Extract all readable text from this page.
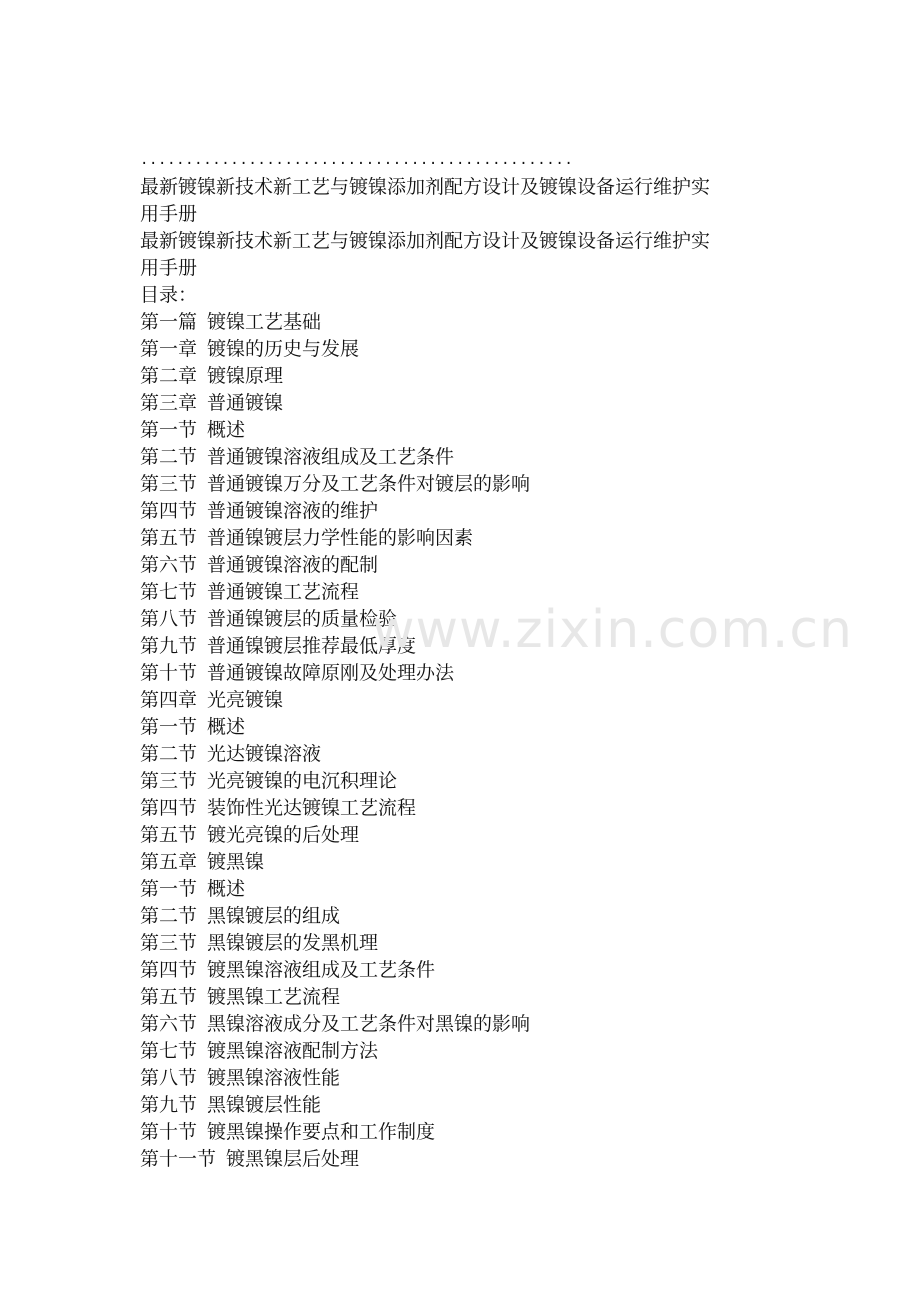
................................................

最新镀镍新技术新工艺与镀镍添加剂配方设计及镀镍设备运行维护实

用手册

最新镀镍新技术新工艺与镀镍添加剂配方设计及镀镍设备运行维护实

用手册

目录：

第一篇 镀镍工艺基础
第一章 镀镍的历史与发展
第二章 镀镍原理
第三章 普通镀镍
第一节 概述
第二节 普通镀镍溶液组成及工艺条件
第三节 普通镀镍万分及工艺条件对镀层的影响
第四节 普通镀镍溶液的维护
第五节 普通镍镀层力学性能的影响因素
第六节 普通镀镍溶液的配制
第七节 普通镀镍工艺流程
第八节 普通镍镀层的质量检验
第九节 普通镍镀层推荐最低厚度
第十节 普通镀镍故障原刚及处理办法
第四章 光亮镀镍
第一节 概述
第二节 光达镀镍溶液
第三节 光亮镀镍的电沉积理论
第四节 装饰性光达镀镍工艺流程
第五节 镀光亮镍的后处理
第五章 镀黑镍
第一节 概述
第二节 黑镍镀层的组成
第三节 黑镍镀层的发黑机理
第四节 镀黑镍溶液组成及工艺条件
第五节 镀黑镍工艺流程
第六节 黑镍溶液成分及工艺条件对黑镍的影响
第七节 镀黑镍溶液配制方法
第八节 镀黑镍溶液性能
第九节 黑镍镀层性能
第十节 镀黑镍操作要点和工作制度
第十一节 镀黑镍层后处理
www.zixin.com.cn
